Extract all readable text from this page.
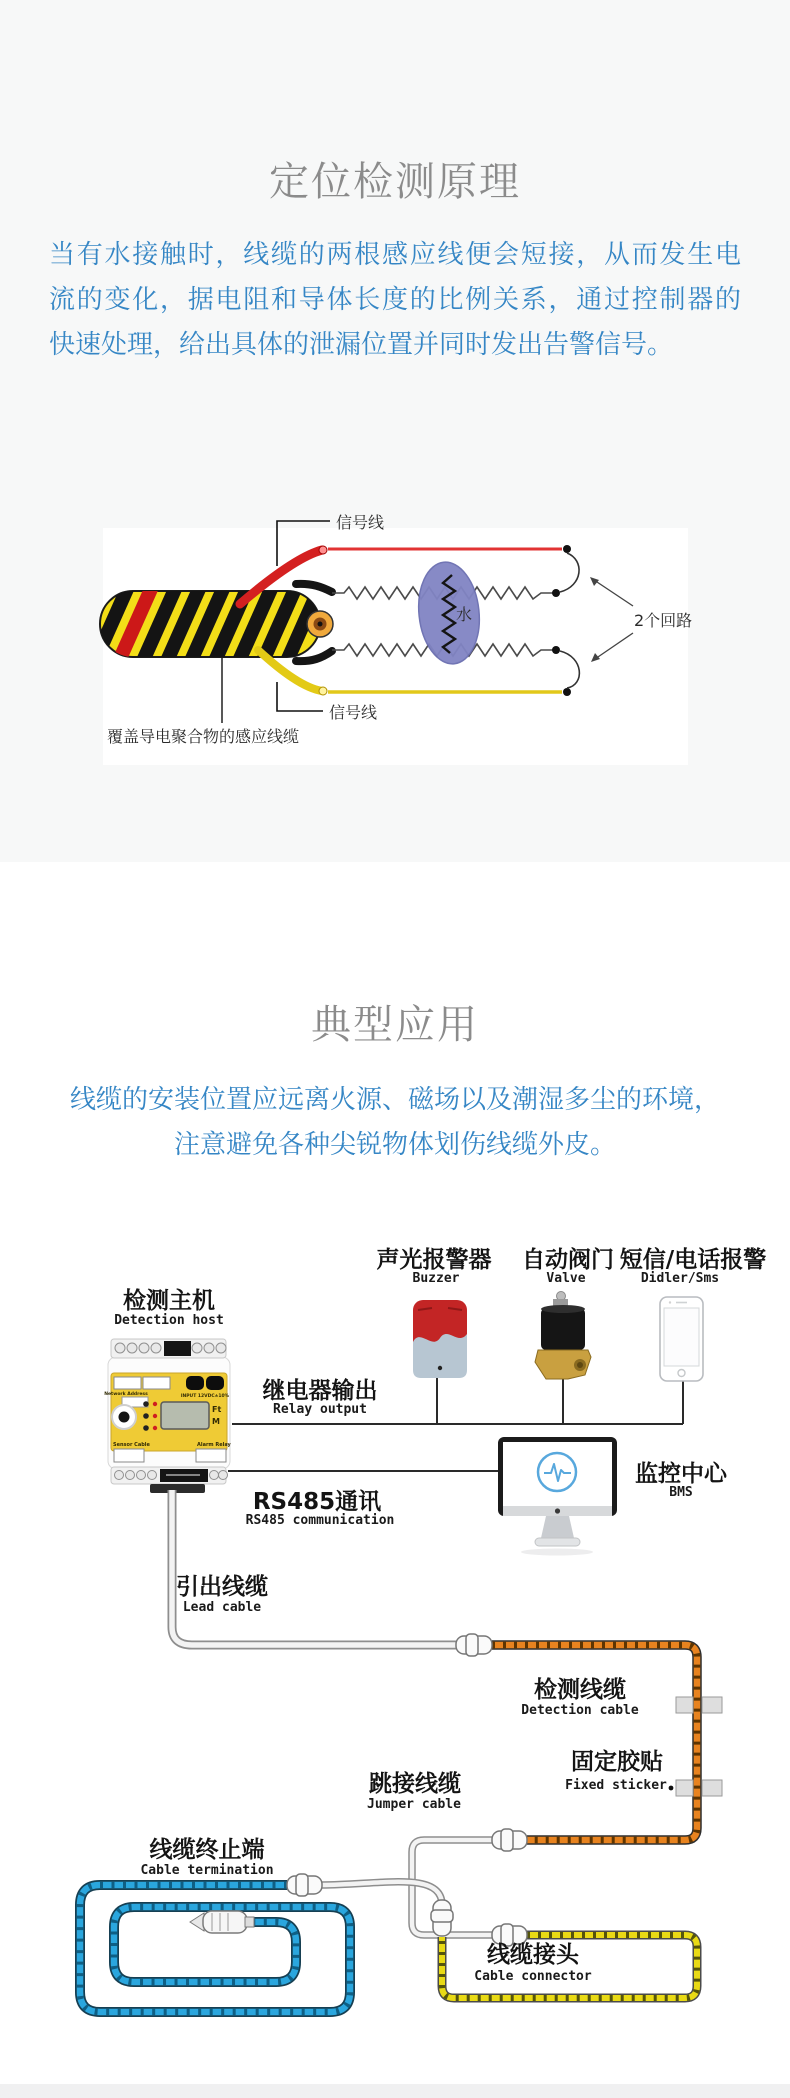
定位检测原理
当有水接触时，线缆的两根感应线便会短接，从而发生电
流的变化，据电阻和导体长度的比例关系，通过控制器的
快速处理，给出具体的泄漏位置并同时发出告警信号。
水	2个回路
信号线
信号线
覆盖导电聚合物的感应线缆
典型应用
线缆的安装位置应远离火源、磁场以及潮湿多尘的环境，
注意避免各种尖锐物体划伤线缆外皮。
Network Address	INPUT 12VDC±10%
Ft
M
Sensor Cable	Alarm Relay
检测主机
Detection host
声光报警器
Buzzer
自动阀门
Valve
短信/电话报警
Didler/Sms
继电器输出
Relay output
监控中心
BMS
RS485通讯
RS485 communication
引出线缆
Lead cable
检测线缆
Detection cable
跳接线缆
Jumper cable
固定胶贴
Fixed sticker
线缆终止端
Cable termination
线缆接头
Cable connector
